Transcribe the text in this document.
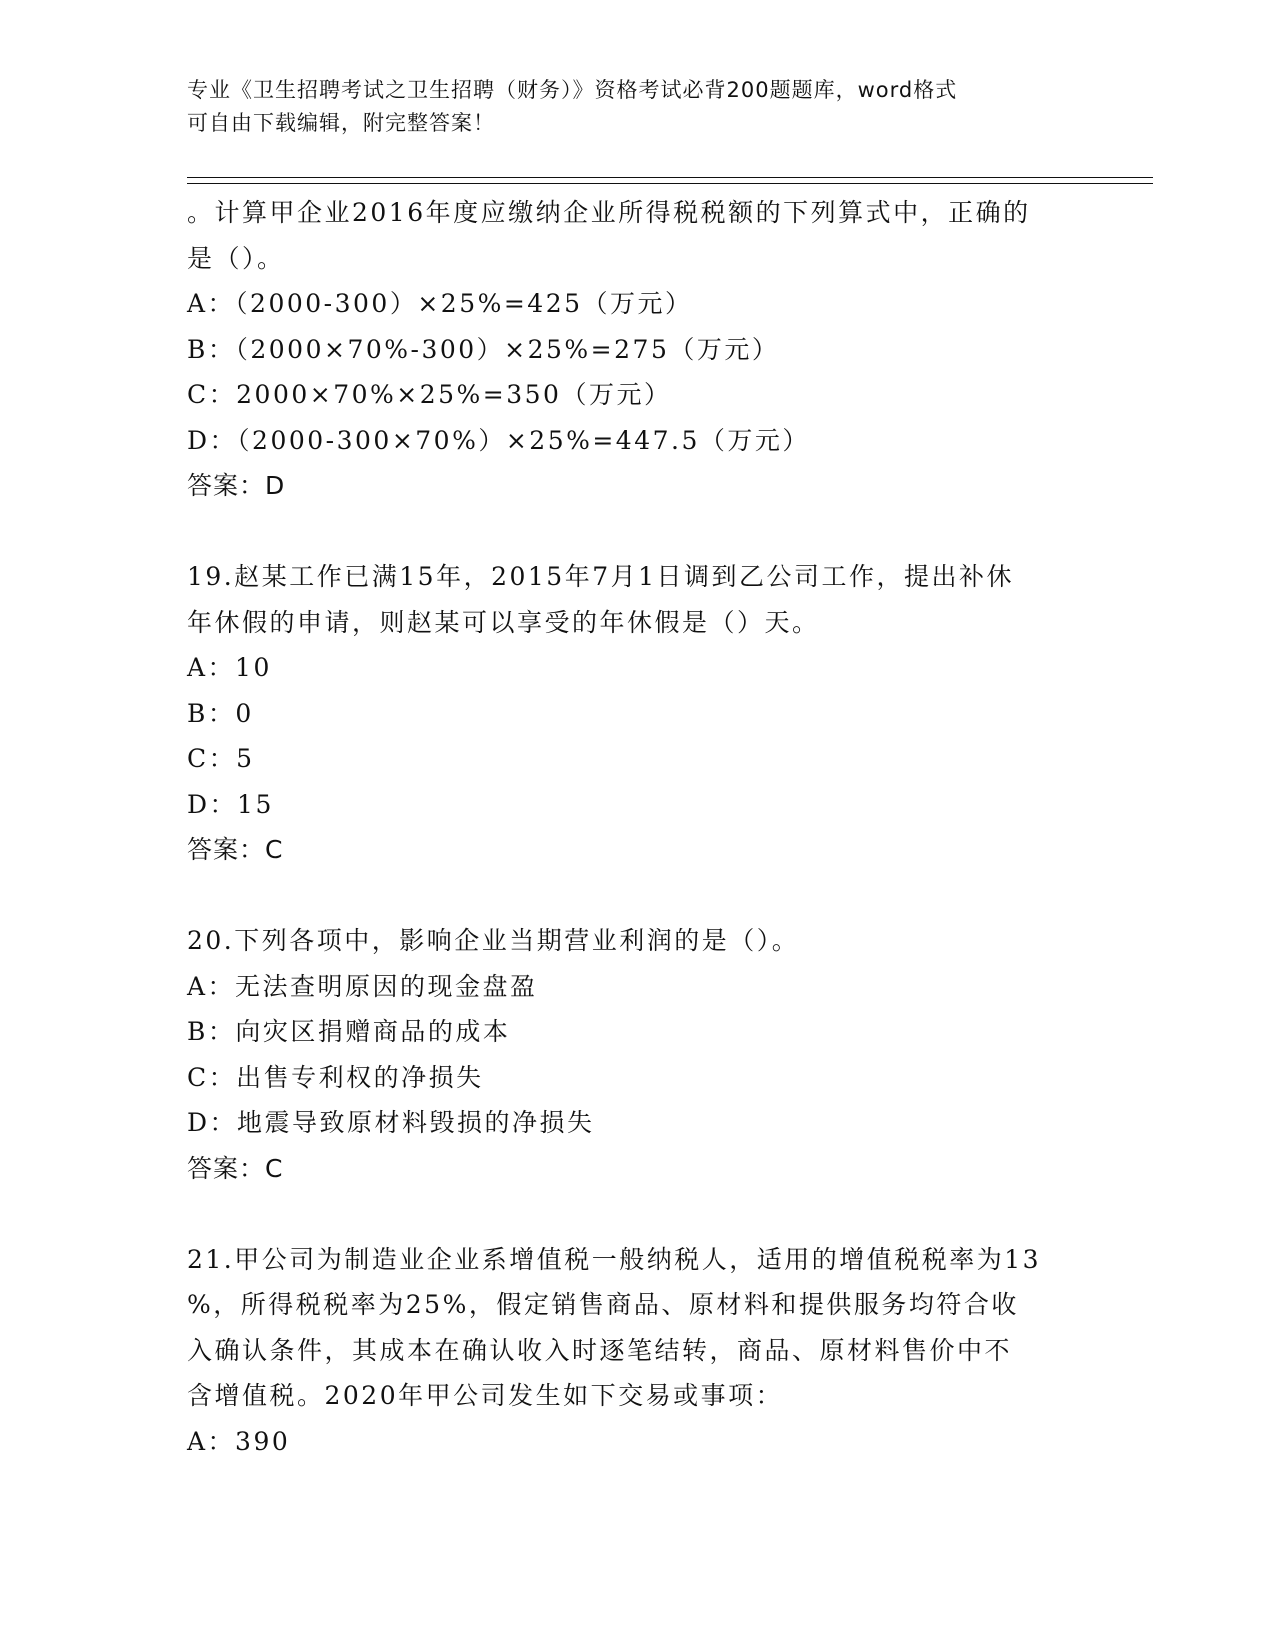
专业《卫生招聘考试之卫生招聘（财务）》资格考试必背200题题库，word格式
可自由下载编辑，附完整答案！
。计算甲企业2016年度应缴纳企业所得税税额的下列算式中，正确的
是（）。
A：（2000-300）×25%=425（万元）
B：（2000×70%-300）×25%=275（万元）
C：2000×70%×25%=350（万元）
D：（2000-300×70%）×25%=447.5（万元）
答案：D
19.赵某工作已满15年，2015年7月1日调到乙公司工作，提出补休
年休假的申请，则赵某可以享受的年休假是（）天。
A：10
B：0
C：5
D：15
答案：C
20.下列各项中，影响企业当期营业利润的是（）。
A：无法查明原因的现金盘盈
B：向灾区捐赠商品的成本
C：出售专利权的净损失
D：地震导致原材料毁损的净损失
答案：C
21.甲公司为制造业企业系增值税一般纳税人，适用的增值税税率为13
%，所得税税率为25%，假定销售商品、原材料和提供服务均符合收
入确认条件，其成本在确认收入时逐笔结转，商品、原材料售价中不
含增值税。2020年甲公司发生如下交易或事项：
A：390
